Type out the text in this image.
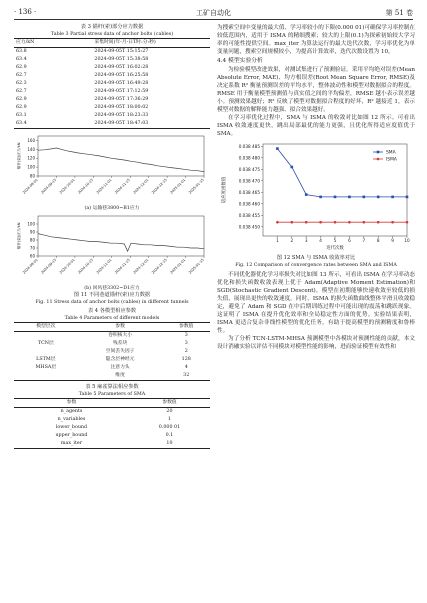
· 136 ·	工矿自动化	第 51 卷
表 3 锚杆(索)部分应力数据
Table 3 Partial stress data of anchor bolts (cables)
应力/kN	采集时间(年-月-日T时:分:秒)
63.8	2024-09-05T 15:15:27
63.4	2024-09-05T 15:38:58
62.9	2024-09-05T 16:02:28
62.7	2024-09-05T 16:25:58
62.3	2024-09-05T 16:49:28
62.7	2024-09-05T 17:12:59
62.9	2024-09-05T 17:36:29
62.9	2024-09-05T 18:00:02
63.1	2024-09-05T 18:23:33
63.4	2024-09-05T 18:47:03
80
100
120
140
160
锚杆(索)应力/kN
2024-09-01 2024-09-15 2024-10-01 2024-10-15 2024-11-01 2024-11-15 2024-12-01 2024-12-15 2025-01-01 2025-01-15
(a) 运输巷3800~B1应力
60
70
80
90
100
锚杆(索)应力/kN
2024-09-01 2024-09-15 2024-10-01 2024-10-15 2024-11-01 2024-11-15 2024-12-01 2024-12-15 2025-01-01 2025-01-15
(b) 回风巷3302~D1应力
图 11 不同巷道锚杆(索)应力数据
Fig. 11 Stress data of anchor bolts (cables) in different tunnels
表 4 各模型相应参数
Table 4 Parameters of different models
模型层次	参数	参数值
	卷积核大小	3
TCN层	残差块	3
	空间丢失因子	2
LSTM层	隐含层神经元	128
MHSA层	注意力头	4
	维度	32
表 5 麻雀算法相应参数
Table 5 Parameters of SMA
参数	参数值
n_agents	20
n_variables	1
lower_bound	0.000 01
upper_bound	0.1
max_iter	10

为搜索空间中变量的最大值、学习率较小的下限(0.000 01)可确保学习率控制在较低范围内，适用于 ISMA 的精细搜索；较大的上限(0.1)为探索初始较大学习率的可能性提供空间。max_iter 为算法运行的最大迭代次数，学习率优化为单变量问题，搜索空间规模较小，为提高计算效率，迭代次数设置为 10。

4.4 模型实验分析

为检验模型改进效果，对测试集进行了预测验证。采用平均绝对误差(Mean Absolute Error, MAE)、均方根误差(Root Mean Square Error, RMSE)及决定系数 R² 衡量预测误差的平均水平，整体波动性和模型对数据拟合的程度。RMSE 用于衡量模型预测值与真实值之间的平均偏差，RMSE 越小表示误差越小。预测效果越好；R² 反映了模型对数据拟合程度的好坏，R² 越接近 1，表示模型对数据的解释能力越强、拟合效果越好。

在学习率优化过程中，SMA 与 ISMA 的收敛对比如图 12 所示。可看出 ISMA 收敛速度更快，跳出局部最优的能力更强，且优化所得适应度值优于 SMA。

0.038 450
0.038 455
0.038 460
0.038 465
0.038 470
0.038 475
0.038 480
0.038 485
1	2	3	4	5	6	7	8	9 10
迭代次数
适应度函数值
SMA
ISMA
图 12 SMA 与 ISMA 收敛率对比
Fig. 12 Comparison of convergence rates between SMA and ISMA

不同优化器优化学习率损失对比如图 13 所示，可看出 ISMA 在学习率动态优化和损失函数收敛表现上优于 Adam(Adaptive Moment Estimation)和 SGD(Stochastic Gradient Descent)，模型在初期能够快速收敛至较低的损失值，展现出更快的收敛速度。同时，ISMA 的损失函数曲线整体平滑且收敛稳定，避免了 Adam 和 SGD 在中后期训练过程中可能出现的震荡和跳跃现象。这证明了 ISMA 在提升优化效率和全局稳定性方面的优势。实验结果表明，ISMA 更适合复杂非线性模型的优化任务，有助于提高模型的预测精度和鲁棒性。

为了分析 TCN-LSTM-MHSA 预测模型中各模块对预测性能的贡献，本文设计消融实验以评估不同模块对模型性能的影响，进而验证模型有效性和
